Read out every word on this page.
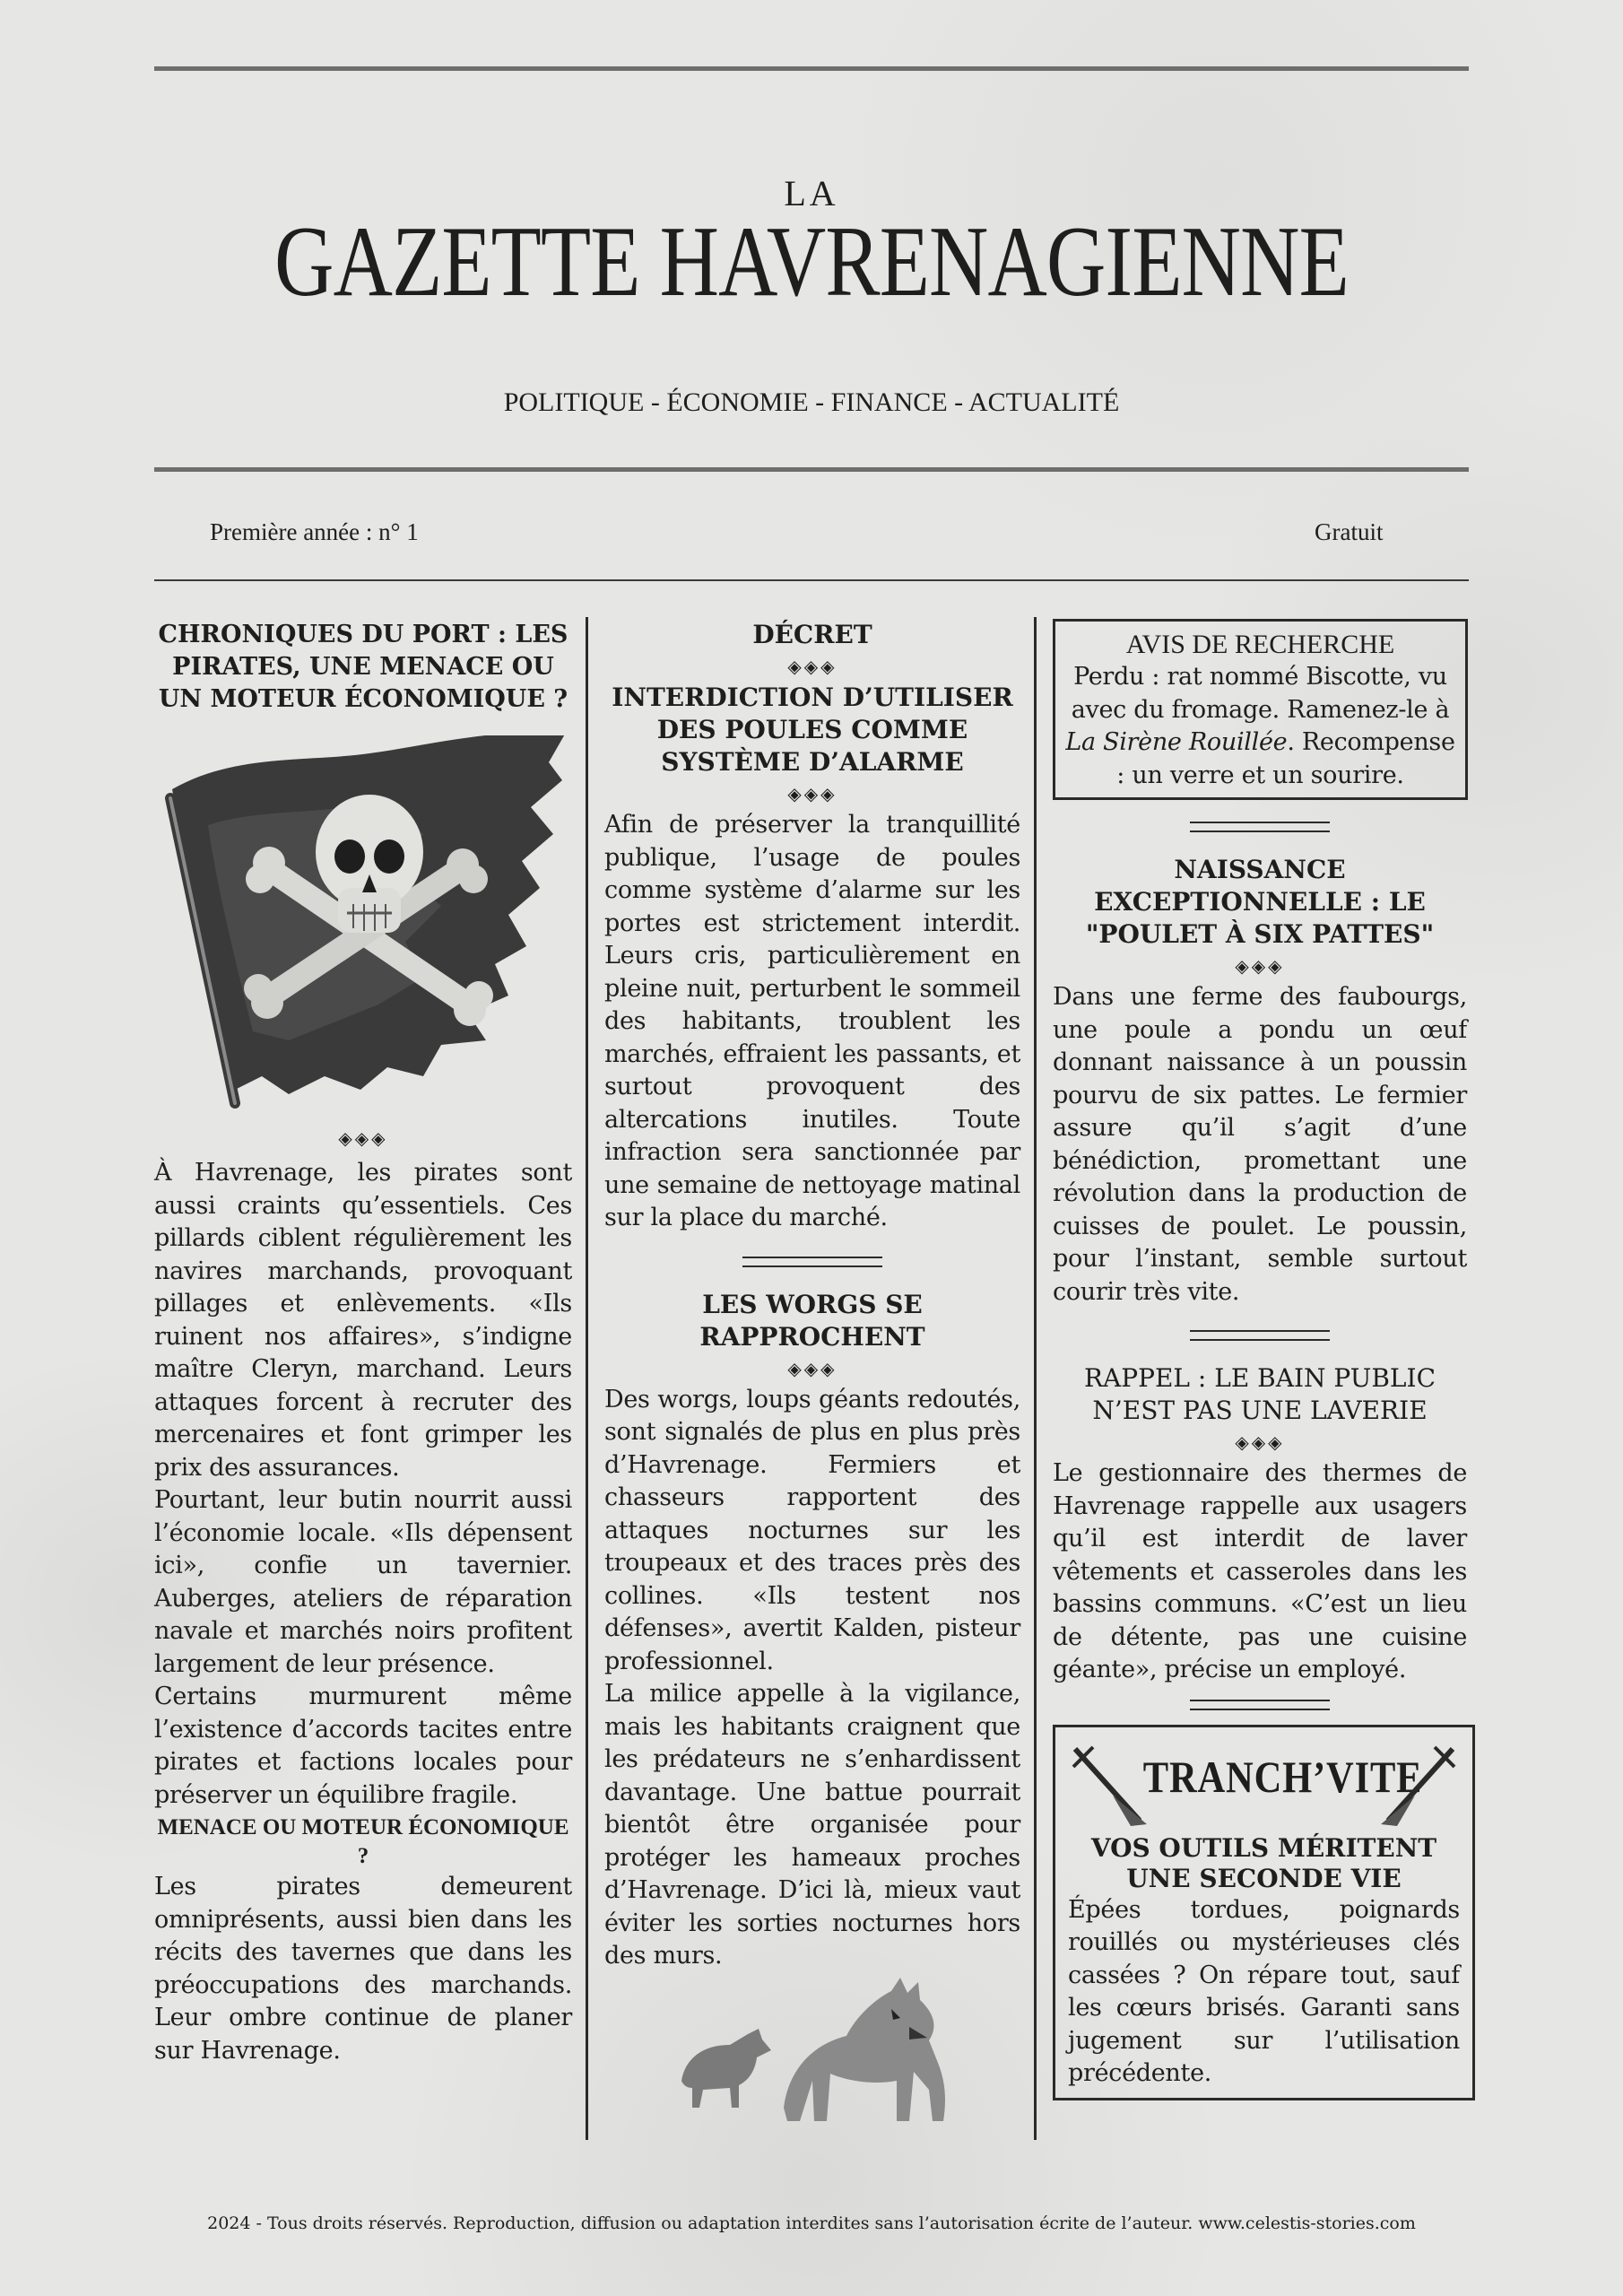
LA
GAZETTE HAVRENAGIENNE
POLITIQUE - ÉCONOMIE - FINANCE - ACTUALITÉ
Première année : n° 1	Gratuit
CHRONIQUES DU PORT : LES PIRATES, UNE MENACE OU UN MOTEUR ÉCONOMIQUE ?
◈◈◈

À Havrenage, les pirates sont aussi craints qu’essentiels. Ces pillards ciblent régulièrement les navires marchands, provoquant pillages et enlèvements. «Ils ruinent nos affaires», s’indigne maître Cleryn, marchand. Leurs attaques forcent à recruter des mercenaires et font grimper les prix des assurances.

Pourtant, leur butin nourrit aussi l’économie locale. «Ils dépensent ici», confie un tavernier. Auberges, ateliers de réparation navale et marchés noirs profitent largement de leur présence.

Certains murmurent même l’existence d’accords tacites entre pirates et factions locales pour préserver un équilibre fragile.

MENACE OU MOTEUR ÉCONOMIQUE ?

Les pirates demeurent omniprésents, aussi bien dans les récits des tavernes que dans les préoccupations des marchands. Leur ombre continue de planer sur Havrenage.

DÉCRET
◈◈◈
INTERDICTION D’UTILISER DES POULES COMME SYSTÈME D’ALARME
◈◈◈

Afin de préserver la tranquillité publique, l’usage de poules comme système d’alarme sur les portes est strictement interdit. Leurs cris, particulièrement en pleine nuit, perturbent le sommeil des habitants, troublent les marchés, effraient les passants, et surtout provoquent des altercations inutiles. Toute infraction sera sanctionnée par une semaine de nettoyage matinal sur la place du marché.

LES WORGS SE RAPPROCHENT
◈◈◈

Des worgs, loups géants redoutés, sont signalés de plus en plus près d’Havrenage. Fermiers et chasseurs rapportent des attaques nocturnes sur les troupeaux et des traces près des collines. «Ils testent nos défenses», avertit Kalden, pisteur professionnel.

La milice appelle à la vigilance, mais les habitants craignent que les prédateurs ne s’enhardissent davantage. Une battue pourrait bientôt être organisée pour protéger les hameaux proches d’Havrenage. D’ici là, mieux vaut éviter les sorties nocturnes hors des murs.

AVIS DE RECHERCHE

Perdu : rat nommé Biscotte, vu avec du fromage. Ramenez-le à La Sirène Rouillée. Recompense : un verre et un sourire.

NAISSANCE EXCEPTIONNELLE : LE "POULET À SIX PATTES"
◈◈◈

Dans une ferme des faubourgs, une poule a pondu un œuf donnant naissance à un poussin pourvu de six pattes. Le fermier assure qu’il s’agit d’une bénédiction, promettant une révolution dans la production de cuisses de poulet. Le poussin, pour l’instant, semble surtout courir très vite.

RAPPEL : LE BAIN PUBLIC N’EST PAS UNE LAVERIE
◈◈◈

Le gestionnaire des thermes de Havrenage rappelle aux usagers qu’il est interdit de laver vêtements et casseroles dans les bassins communs. «C’est un lieu de détente, pas une cuisine géante», précise un employé.

TRANCH’VITE
VOS OUTILS MÉRITENT UNE SECONDE VIE

Épées tordues, poignards rouillés ou mystérieuses clés cassées ? On répare tout, sauf les cœurs brisés. Garanti sans jugement sur l’utilisation précédente.

2024 - Tous droits réservés. Reproduction, diffusion ou adaptation interdites sans l’autorisation écrite de l’auteur. www.celestis-stories.com
